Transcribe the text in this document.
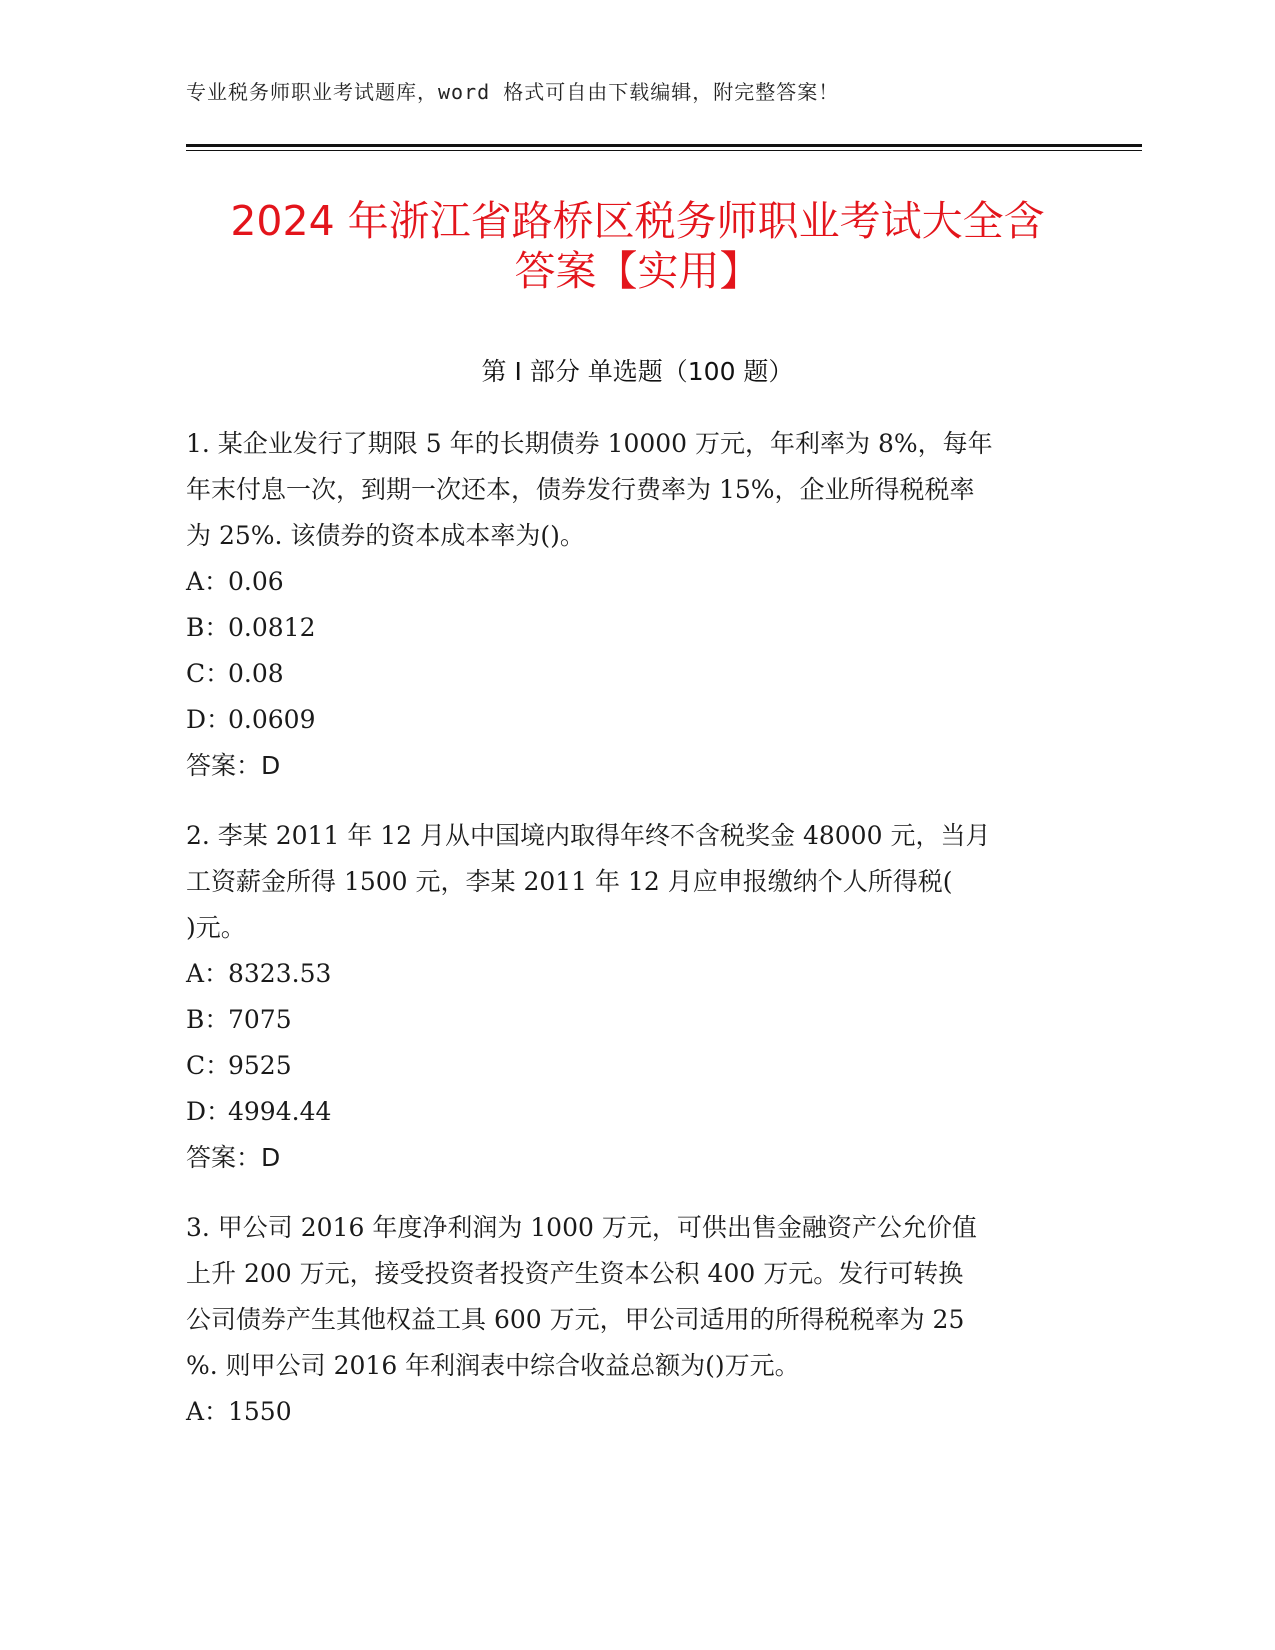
专业税务师职业考试题库，word 格式可自由下载编辑，附完整答案！
2024 年浙江省路桥区税务师职业考试大全含
答案【实用】
第 I 部分 单选题（100 题）

1. 某企业发行了期限 5 年的长期债券 10000 万元，年利率为 8%，每年

年末付息一次，到期一次还本，债券发行费率为 15%，企业所得税税率

为 25%. 该债券的资本成本率为()。

A：0.06

B：0.0812

C：0.08

D：0.0609

答案：D

2. 李某 2011 年 12 月从中国境内取得年终不含税奖金 48000 元，当月

工资薪金所得 1500 元，李某 2011 年 12 月应申报缴纳个人所得税(

)元。

A：8323.53

B：7075

C：9525

D：4994.44

答案：D

3. 甲公司 2016 年度净利润为 1000 万元，可供出售金融资产公允价值

上升 200 万元，接受投资者投资产生资本公积 400 万元。发行可转换

公司债券产生其他权益工具 600 万元，甲公司适用的所得税税率为 25

%. 则甲公司 2016 年利润表中综合收益总额为()万元。

A：1550
